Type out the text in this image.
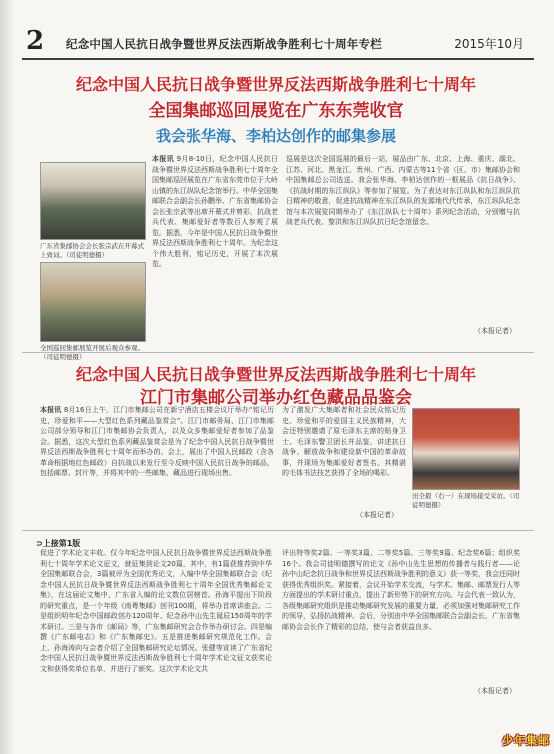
2 纪念中国人民抗日战争暨世界反法西斯战争胜利七十周年专栏	2015年10月
纪念中国人民抗日战争暨世界反法西斯战争胜利七十周年
全国集邮巡回展览在广东东莞收官
我会张华海、李柏达创作的邮集参展
广东省集邮协会会长张宗武在开幕式上致词。（司徒明德摄）
全国巡回集邮展览开展后观众参观。（司徒明德摄）
本报讯 9月8-10日，纪念中国人民抗日战争暨世界反法西斯战争胜利七十周年全国集邮巡回展览在广东省东莞市位于大岭山镇的东江纵队纪念馆举行。中华全国集邮联合会副会长孙鹏举、广东省集邮协会会长张宗武等出席开幕式并剪彩，抗战老兵代表、集邮爱好者等数百人参观了展览。据悉，今年是中国人民抗日战争暨世界反法西斯战争胜利七十周年。为纪念这个伟大胜利，铭记历史，开展了本次展览。
巡展是这次全国巡展的最后一站，展品由广东、北京、上海、重庆、湖北、江苏、河北、黑龙江、贵州、广西、内蒙古等11个省（区、市）集邮协会和中国集邮总公司选送。我会张华海、李柏达创作的一框展品《抗日战争》、《抗战时期的东江纵队》等参加了展览。为了表达对东江纵队和东江纵队抗日精神的敬意，促进抗战精神在东江纵队的发源地代代传承，东江纵队纪念馆与本次展览同期举办了《东江纵队七十周年》系列纪念活动，分别赠与抗战老兵代表、黎洪和东江纵队抗日纪念馆留念。
（本报记者）
纪念中国人民抗日战争暨世界反法西斯战争胜利七十周年
江门市集邮公司举办红色藏品品鉴会
本报讯 8月16日上午，江门市集邮公司在新宁酒店五楼会议厅举办“铭记历史，珍爱和平——大型红色系列藏品鉴赏会”。江门市邮务局、江门市集邮公司部分领导和江门市集邮协会负责人，以及众多集邮爱好者参加了品鉴会。据悉，这次大型红色系列藏品鉴赏会是为了纪念中国人民抗日战争暨世界反法西斯战争胜利七十周年而举办的。会上，展出了中国人民邮政（含各革命根据地红色邮政）自抗战以来发行至今反映中国人民抗日战争的邮品，包括邮票、封片等，并将其中的一些邮集、藏品进行现场出售。
为了激发广大集邮者和社会民众铭记历史、珍爱和平的爱国主义民族精神，大会还特别邀请了原毛泽东主席的贴身卫士、毛泽东警卫团长并品鉴，讲述抗日战争、解放战争和建设新中国的革命故事，并现场为集邮爱好者签名。其精湛的毛体书法技艺获得了全场的喝彩。
田全毅（右一）在现场接受采访。（司徒明德摄）
（本报记者）
⊃上接第1版
促进了学术论文丰收。仅今年纪念中国人民抗日战争暨世界反法西斯战争胜利七十周年学术论文征文，就征集到论文20篇，其中，有1篇获推荐到中华全国集邮联合会，3篇被评为全国优秀论文，入编中华全国集邮联合会《纪念中国人民抗日战争暨世界反法西斯战争胜利七十周年全国优秀集邮论文集》，在这届论文集中，广东省入编的论文数位居榜首。孙海平提出下阶段的研究重点，是一个年级《南粤集邮》创刊100期，将举办首席讲座会。二是组织明年纪念中国邮政创办120周年、纪念孙中山先生诞辰150周年的学术研讨。三是与各市《邮局》等，广东集邮研究会合作举办研讨会。四是编撰《广东邮电志》和《广东集邮史》。五是推进集邮研究规范化工作。会上，孙海涛向与会者介绍了全国集邮研究论坛情况。张健等宣读了广东省纪念中国人民抗日战争暨世界反法西斯战争胜利七十周年学术论文征文获奖论文和获得奖单位名单，并进行了颁奖。这次学术论文共
评出特等奖2篇、一等奖3篇、二等奖5篇、三等奖9篇、纪念奖6篇；组织奖16个。我会司徒明德撰写的论文《孙中山先生思想的传播者与践行者——论孙中山纪念抗日战争和世界反法西斯战争胜利的意义》获一等奖，我会还同时获得优秀组织奖。紧接着，会议开始学术交流，与学术、集邮、邮票发行人等方面提出的学术研讨重点，提出了新形势下的研究方向。与会代表一致认为，各级集邮研究组织是推动集邮研究发展的重要力量，必须加强对集邮研究工作的领导，弘扬抗战精神。会后，分别由中华全国集邮联合会副会长、广东省集邮协会会长作了精彩的总结，使与会者获益良多。
（本报记者）
少年集邮
